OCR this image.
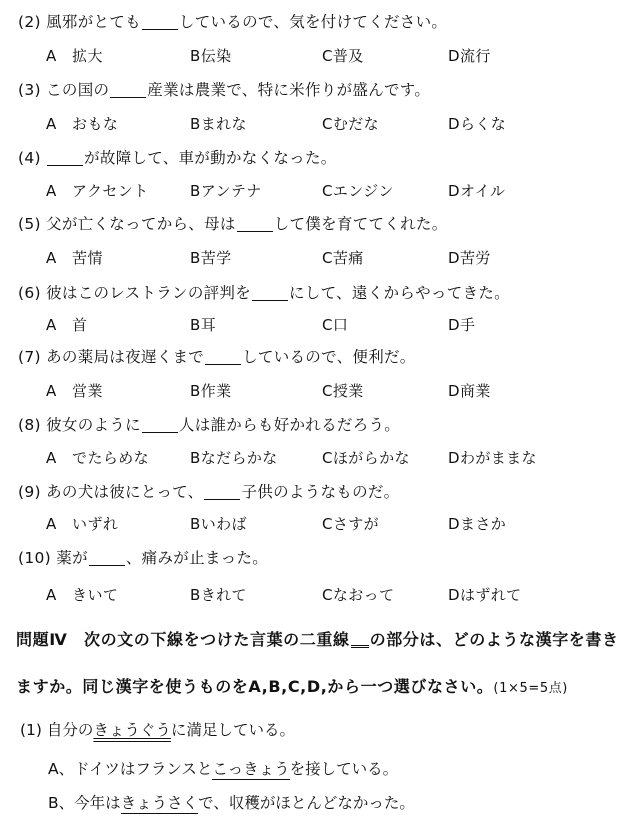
(2) 風邪がとても しているので、気を付けてください。
A　拡大	B伝染	C普及	D流行
(3) この国の 産業は農業で、特に米作りが盛んです。
A　おもな	Bまれな	Cむだな	Dらくな
(4)	が故障して、車が動かなくなった。
A　アクセント	Bアンテナ	Cエンジン	Dオイル
(5) 父が亡くなってから、母は して僕を育ててくれた。
A　苦情	B苦学	C苦痛	D苦労
(6) 彼はこのレストランの評判を にして、遠くからやってきた。
A　首	B耳	C口	D手
(7) あの薬局は夜遅くまで しているので、便利だ。
A　営業	B作業	C授業	D商業
(8) 彼女のように 人は誰からも好かれるだろう。
A　でたらめな	Bなだらかな	Cほがらかな	Dわがままな
(9) あの犬は彼にとって、 子供のようなものだ。
A　いずれ	Bいわば	Cさすが	Dまさか
(10) 薬が 、痛みが止まった。
A　きいて	Bきれて	Cなおって	Dはずれて
問題Ⅳ　次の文の下線をつけた言葉の二重線 の部分は、どのような漢字を書き
ますか。同じ漢字を使うものをA,B,C,D,から一つ選びなさい。(1×5=5点)
(1) 自分のきょうぐうに満足している。
A、ドイツはフランスとこっきょうを接している。
B、今年はきょうさくで、収穫がほとんどなかった。
